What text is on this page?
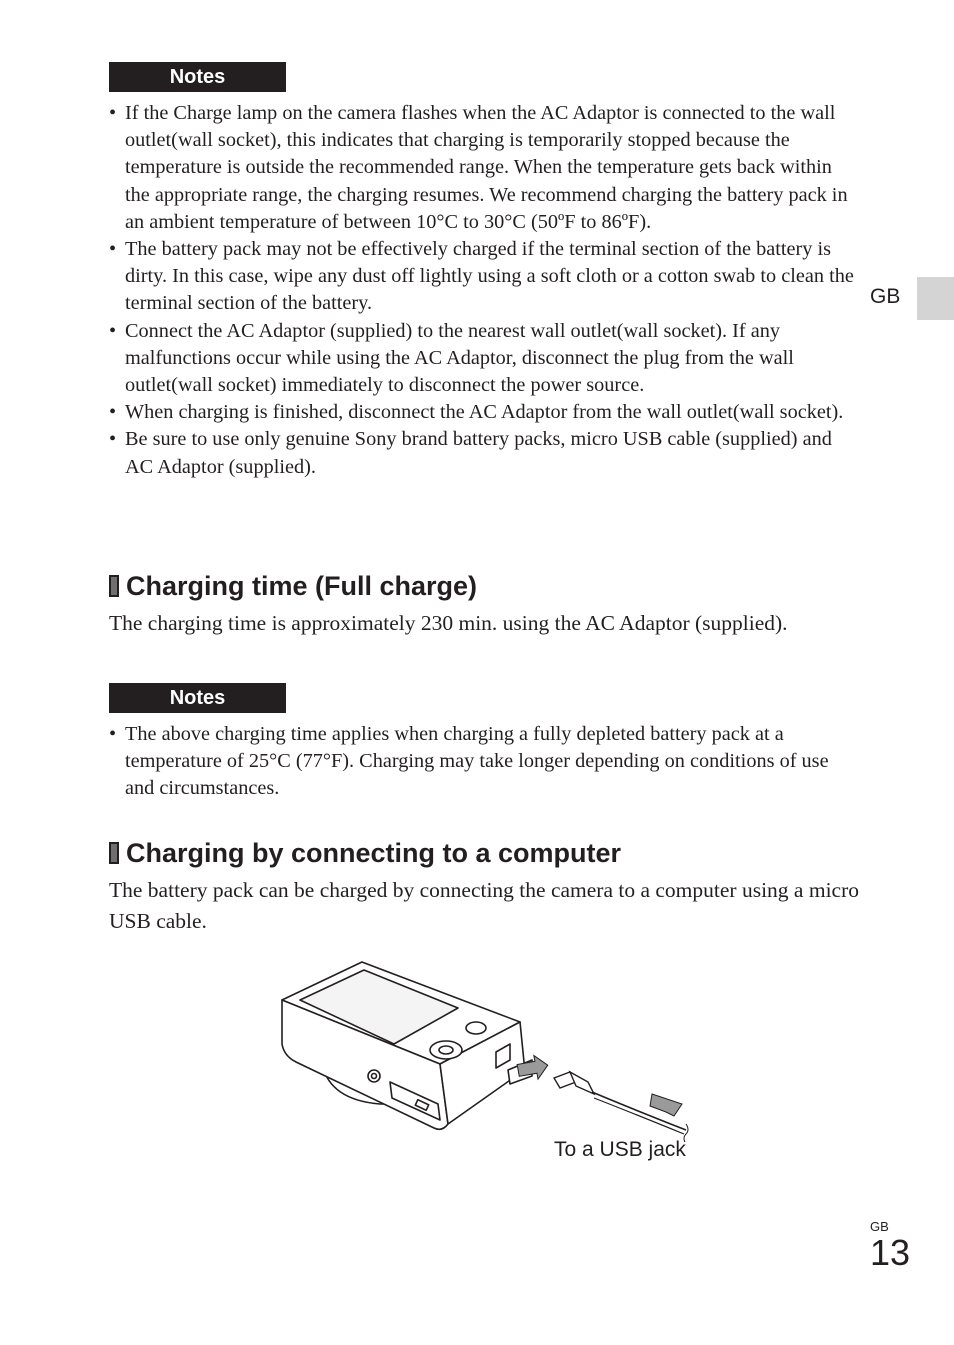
Notes
• If the Charge lamp on the camera flashes when the AC Adaptor is connected to the wall outlet(wall socket), this indicates that charging is temporarily stopped because the temperature is outside the recommended range. When the temperature gets back within the appropriate range, the charging resumes. We recommend charging the battery pack in an ambient temperature of between 10°C to 30°C (50ºF to 86ºF).
• The battery pack may not be effectively charged if the terminal section of the battery is dirty. In this case, wipe any dust off lightly using a soft cloth or a cotton swab to clean the terminal section of the battery.
• Connect the AC Adaptor (supplied) to the nearest wall outlet(wall socket). If any malfunctions occur while using the AC Adaptor, disconnect the plug from the wall outlet(wall socket) immediately to disconnect the power source.
• When charging is finished, disconnect the AC Adaptor from the wall outlet(wall socket).
• Be sure to use only genuine Sony brand battery packs, micro USB cable (supplied) and AC Adaptor (supplied).
GB
Charging time (Full charge)

The charging time is approximately 230 min. using the AC Adaptor (supplied).

Notes
• The above charging time applies when charging a fully depleted battery pack at a temperature of 25°C (77°F). Charging may take longer depending on conditions of use and circumstances.
Charging by connecting to a computer

The battery pack can be charged by connecting the camera to a computer using a micro USB cable.

To a USB jack
GB
13
